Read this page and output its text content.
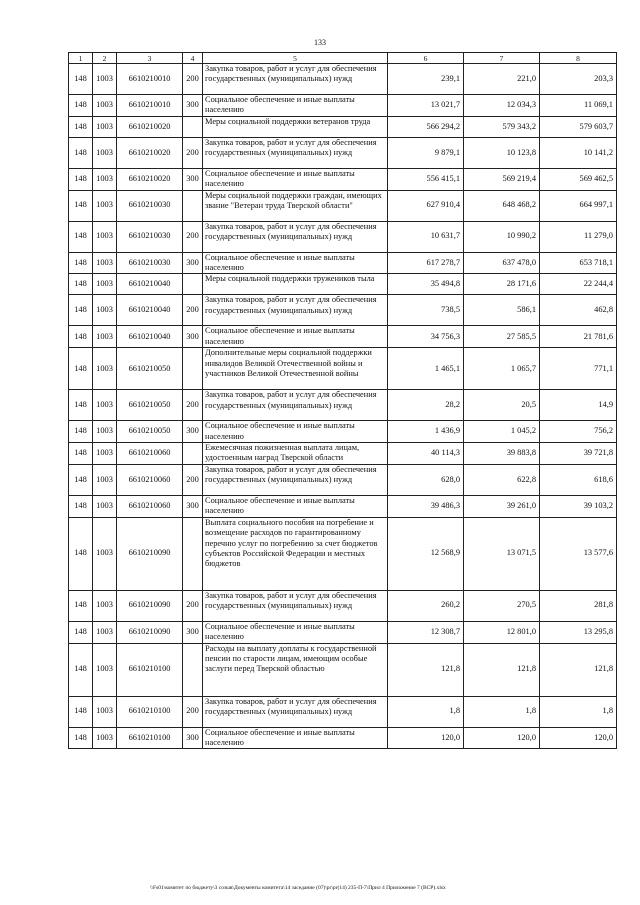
133
1	2	3	4	5	6	7	8
148	1003	6610210010	200	Закупка товаров, работ и услуг для обеспечения государственных (муниципальных) нужд	239,1	221,0	203,3
148	1003	6610210010	300	Социальное обеспечение и иные выплаты населению	13 021,7	12 034,3	11 069,1
148	1003	6610210020		Меры социальной поддержки ветеранов труда	566 294,2	579 343,2	579 603,7
148	1003	6610210020	200	Закупка товаров, работ и услуг для обеспечения государственных (муниципальных) нужд	9 879,1	10 123,8	10 141,2
148	1003	6610210020	300	Социальное обеспечение и иные выплаты населению	556 415,1	569 219,4	569 462,5
148	1003	6610210030		Меры социальной поддержки граждан, имеющих звание "Ветеран труда Тверской области"	627 910,4	648 468,2	664 997,1
148	1003	6610210030	200	Закупка товаров, работ и услуг для обеспечения государственных (муниципальных) нужд	10 631,7	10 990,2	11 279,0
148	1003	6610210030	300	Социальное обеспечение и иные выплаты населению	617 278,7	637 478,0	653 718,1
148	1003	6610210040		Меры социальной поддержки тружеников тыла	35 494,8	28 171,6	22 244,4
148	1003	6610210040	200	Закупка товаров, работ и услуг для обеспечения государственных (муниципальных) нужд	738,5	586,1	462,8
148	1003	6610210040	300	Социальное обеспечение и иные выплаты населению	34 756,3	27 585,5	21 781,6
148	1003	6610210050		Дополнительные меры социальной поддержки инвалидов Великой Отечественной войны и участников Великой Отечественной войны	1 465,1	1 065,7	771,1
148	1003	6610210050	200	Закупка товаров, работ и услуг для обеспечения государственных (муниципальных) нужд	28,2	20,5	14,9
148	1003	6610210050	300	Социальное обеспечение и иные выплаты населению	1 436,9	1 045,2	756,2
148	1003	6610210060		Ежемесячная пожизненная выплата лицам, удостоенным наград Тверской области	40 114,3	39 883,8	39 721,8
148	1003	6610210060	200	Закупка товаров, работ и услуг для обеспечения государственных (муниципальных) нужд	628,0	622,8	618,6
148	1003	6610210060	300	Социальное обеспечение и иные выплаты населению	39 486,3	39 261,0	39 103,2
148	1003	6610210090		Выплата социального пособия на погребение и возмещение расходов по гарантированному перечню услуг по погребению за счет бюджетов субъектов Российской Федерации и местных бюджетов	12 568,9	13 071,5	13 577,6
148	1003	6610210090	200	Закупка товаров, работ и услуг для обеспечения государственных (муниципальных) нужд	260,2	270,5	281,8
148	1003	6610210090	300	Социальное обеспечение и иные выплаты населению	12 308,7	12 801,0	13 295,8
148	1003	6610210100		Расходы на выплату доплаты к государственной пенсии по старости лицам, имеющим особые заслуги перед Тверской областью	121,8	121,8	121,8
148	1003	6610210100	200	Закупка товаров, работ и услуг для обеспечения государственных (муниципальных) нужд	1,8	1,8	1,8
148	1003	6610210100	300	Социальное обеспечение и иные выплаты населению	120,0	120,0	120,0
\\Fs01\комитет по бюджету\3 созыв\Документы комитета\14 заседание (07)\pr\pr(14) 235-П-7\Прил 4 Приложение 7 (ВСР).xlsx
